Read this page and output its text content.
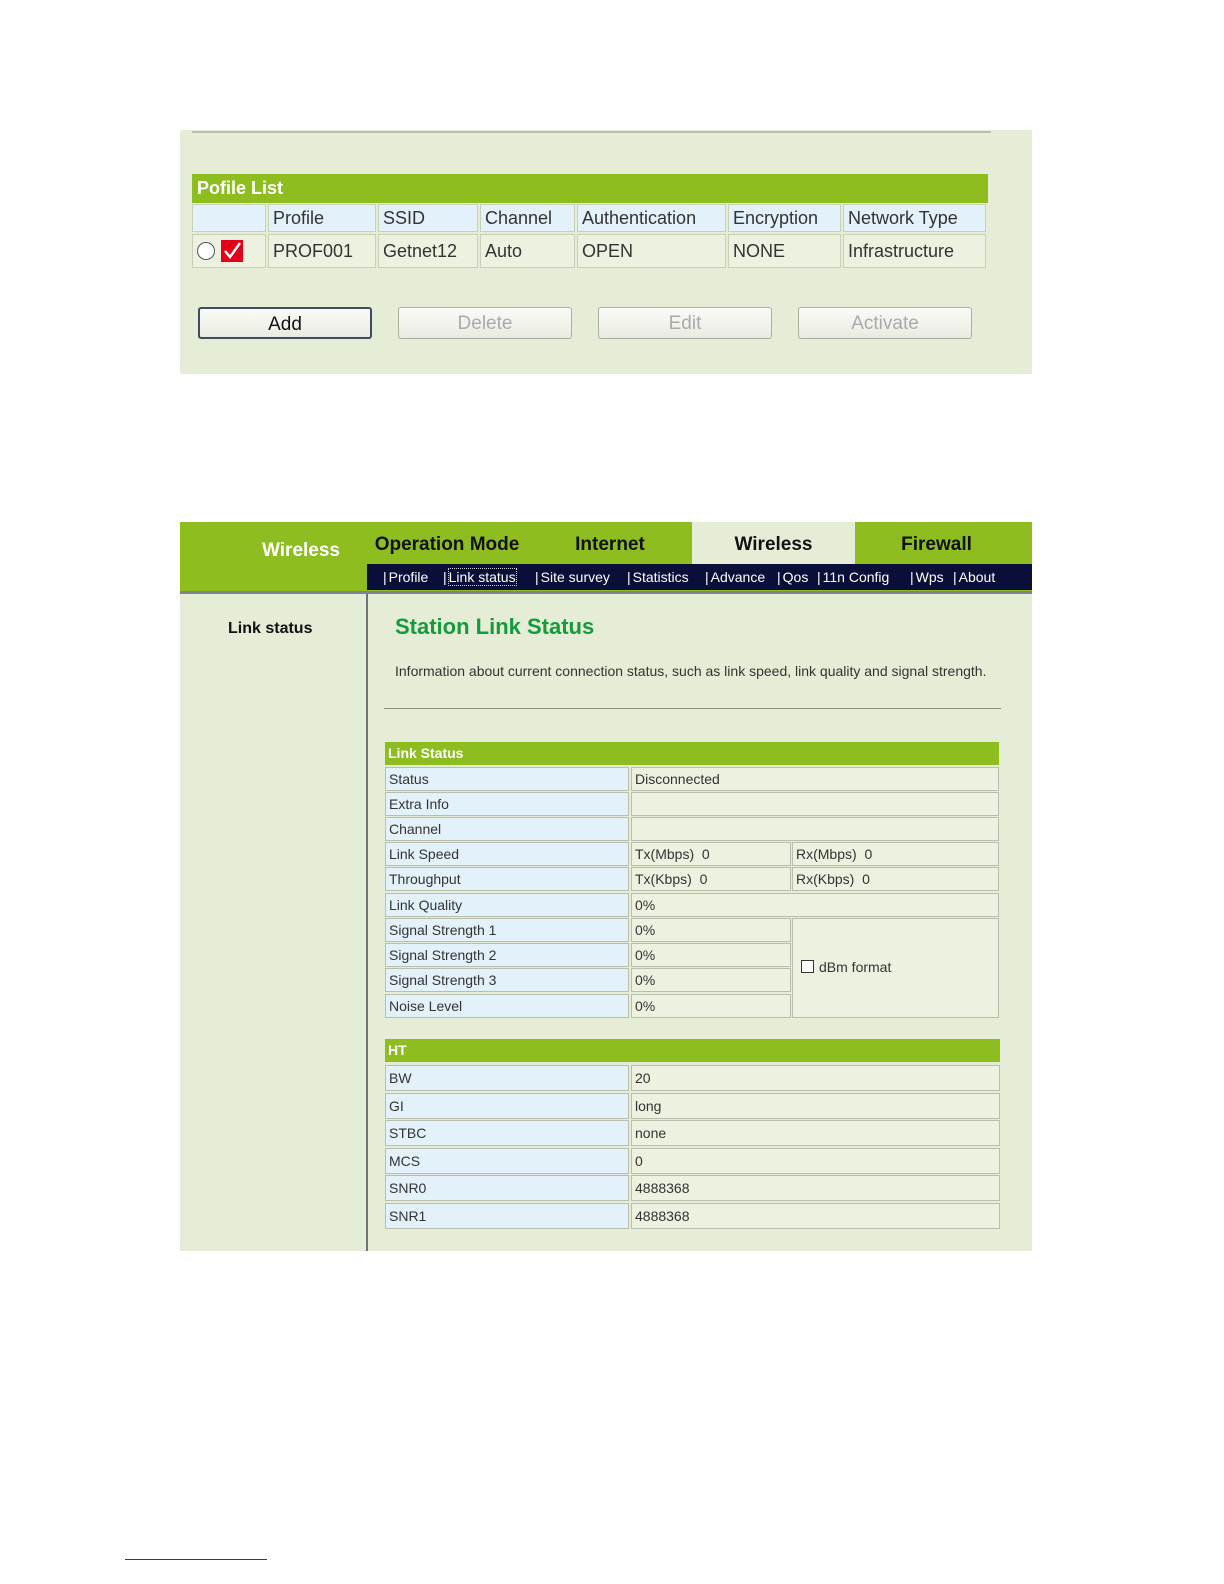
Pofile List
	Profile	SSID	Channel	Authentication	Encryption	Network Type

	PROF001	Getnet12	Auto	OPEN	NONE	Infrastructure
Add	Delete	Edit	Activate
Wireless	Operation Mode	Internet	Wireless	Firewall
| Profile	| Link status	| Site survey	| Statistics	| Advance	| Qos	| 11n Config	| Wps	| About
Link status	Station Link Status
Information about current connection status, such as link speed, link quality and signal strength.
Link Status
Status	Disconnected
Extra Info
Channel
Link Speed	Tx(Mbps)  0	Rx(Mbps)  0
Throughput	Tx(Kbps)  0	Rx(Kbps)  0
Link Quality	0%
Signal Strength 1	0%
Signal Strength 2	0%
Signal Strength 3	0%
Noise Level	0%
dBm format
HT
BW	20
GI	long
STBC	none
MCS	0
SNR0	4888368
SNR1	4888368
